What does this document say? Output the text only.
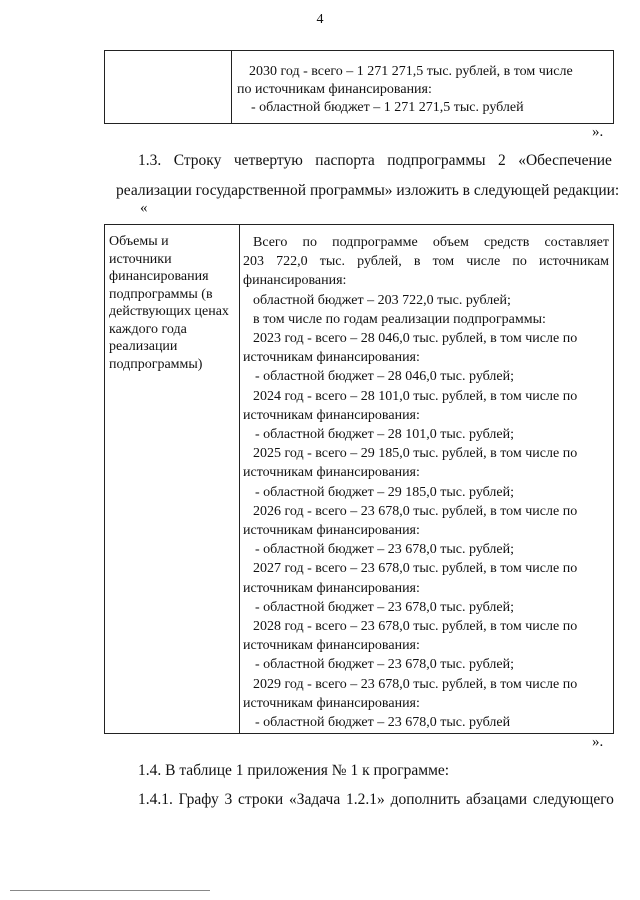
4
2030 год - всего – 1 271 271,5 тыс. рублей, в том числе
по источникам финансирования:
- областной бюджет – 1 271 271,5 тыс. рублей
».
1.3. Строку четвертую паспорта подпрограммы 2 «Обеспечение
реализации государственной программы» изложить в следующей редакции:
«
Объемы и
источники
финансирования
подпрограммы (в
действующих ценах
каждого года
реализации
подпрограммы)
Всего по подпрограмме объем средств составляет
203 722,0 тыс. рублей, в том числе по источникам
финансирования:
областной бюджет – 203 722,0 тыс. рублей;
в том числе по годам реализации подпрограммы:
2023 год - всего – 28 046,0 тыс. рублей, в том числе по
источникам финансирования:
- областной бюджет – 28 046,0 тыс. рублей;
2024 год - всего – 28 101,0 тыс. рублей, в том числе по
источникам финансирования:
- областной бюджет – 28 101,0 тыс. рублей;
2025 год - всего – 29 185,0 тыс. рублей, в том числе по
источникам финансирования:
- областной бюджет – 29 185,0 тыс. рублей;
2026 год - всего – 23 678,0 тыс. рублей, в том числе по
источникам финансирования:
- областной бюджет – 23 678,0 тыс. рублей;
2027 год - всего – 23 678,0 тыс. рублей, в том числе по
источникам финансирования:
- областной бюджет – 23 678,0 тыс. рублей;
2028 год - всего – 23 678,0 тыс. рублей, в том числе по
источникам финансирования:
- областной бюджет – 23 678,0 тыс. рублей;
2029 год - всего – 23 678,0 тыс. рублей, в том числе по
источникам финансирования:
- областной бюджет – 23 678,0 тыс. рублей
».
1.4. В таблице 1 приложения № 1 к программе:
1.4.1. Графу 3 строки «Задача 1.2.1» дополнить абзацами следующего
